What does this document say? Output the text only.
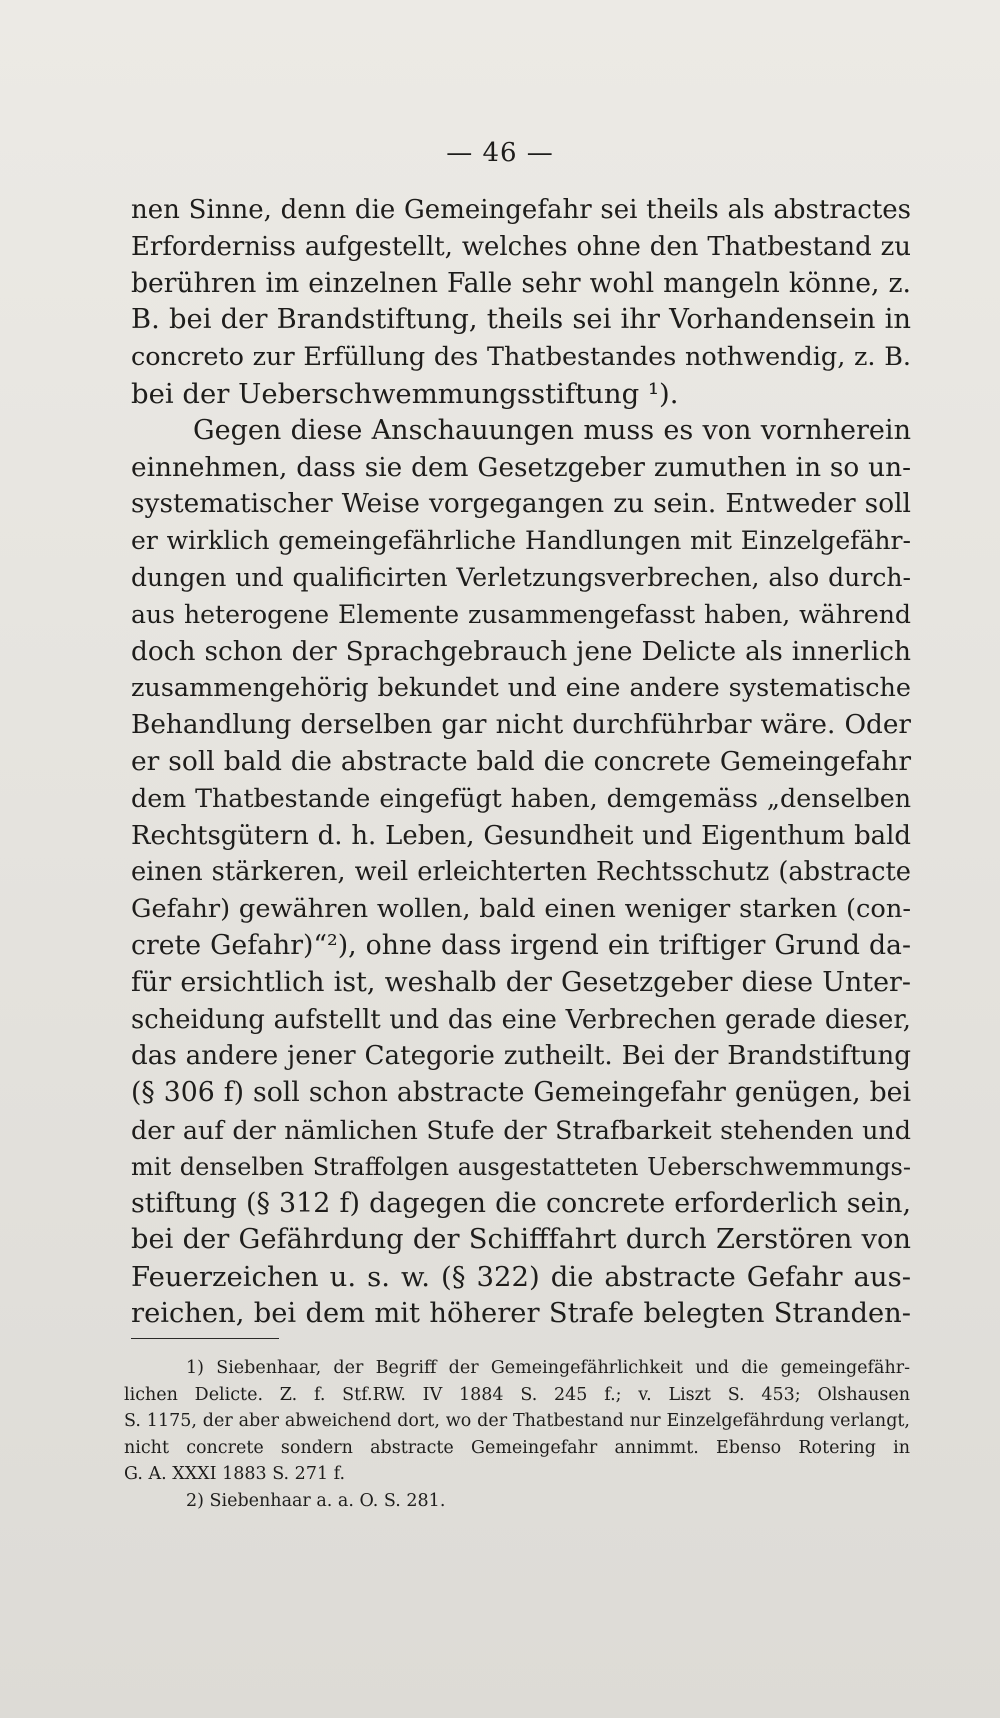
— 46 —
nen Sinne, denn die Gemeingefahr sei theils als abstractes
Erforderniss aufgestellt, welches ohne den Thatbestand zu
berühren im einzelnen Falle sehr wohl mangeln könne, z.
B. bei der Brandstiftung, theils sei ihr Vorhandensein in
concreto zur Erfüllung des Thatbestandes nothwendig, z. B.
bei der Ueberschwemmungsstiftung ¹).
Gegen diese Anschauungen muss es von vornherein
einnehmen, dass sie dem Gesetzgeber zumuthen in so un-
systematischer Weise vorgegangen zu sein. Entweder soll
er wirklich gemeingefährliche Handlungen mit Einzelgefähr-
dungen und qualificirten Verletzungsverbrechen, also durch-
aus heterogene Elemente zusammengefasst haben, während
doch schon der Sprachgebrauch jene Delicte als innerlich
zusammengehörig bekundet und eine andere systematische
Behandlung derselben gar nicht durchführbar wäre. Oder
er soll bald die abstracte bald die concrete Gemeingefahr
dem Thatbestande eingefügt haben, demgemäss „denselben
Rechtsgütern d. h. Leben, Gesundheit und Eigenthum bald
einen stärkeren, weil erleichterten Rechtsschutz (abstracte
Gefahr) gewähren wollen, bald einen weniger starken (con-
crete Gefahr)“²), ohne dass irgend ein triftiger Grund da-
für ersichtlich ist, weshalb der Gesetzgeber diese Unter-
scheidung aufstellt und das eine Verbrechen gerade dieser,
das andere jener Categorie zutheilt. Bei der Brandstiftung
(§ 306 f) soll schon abstracte Gemeingefahr genügen, bei
der auf der nämlichen Stufe der Strafbarkeit stehenden und
mit denselben Straffolgen ausgestatteten Ueberschwemmungs-
stiftung (§ 312 f) dagegen die concrete erforderlich sein,
bei der Gefährdung der Schifffahrt durch Zerstören von
Feuerzeichen u. s. w. (§ 322) die abstracte Gefahr aus-
reichen, bei dem mit höherer Strafe belegten Stranden-
1) Siebenhaar, der Begriff der Gemeingefährlichkeit und die gemeingefähr-
lichen Delicte. Z. f. Stf.RW. IV 1884 S. 245 f.; v. Liszt S. 453; Olshausen
S. 1175, der aber abweichend dort, wo der Thatbestand nur Einzelgefährdung verlangt,
nicht concrete sondern abstracte Gemeingefahr annimmt. Ebenso Rotering in
G. A. XXXI 1883 S. 271 f.
2) Siebenhaar a. a. O. S. 281.
